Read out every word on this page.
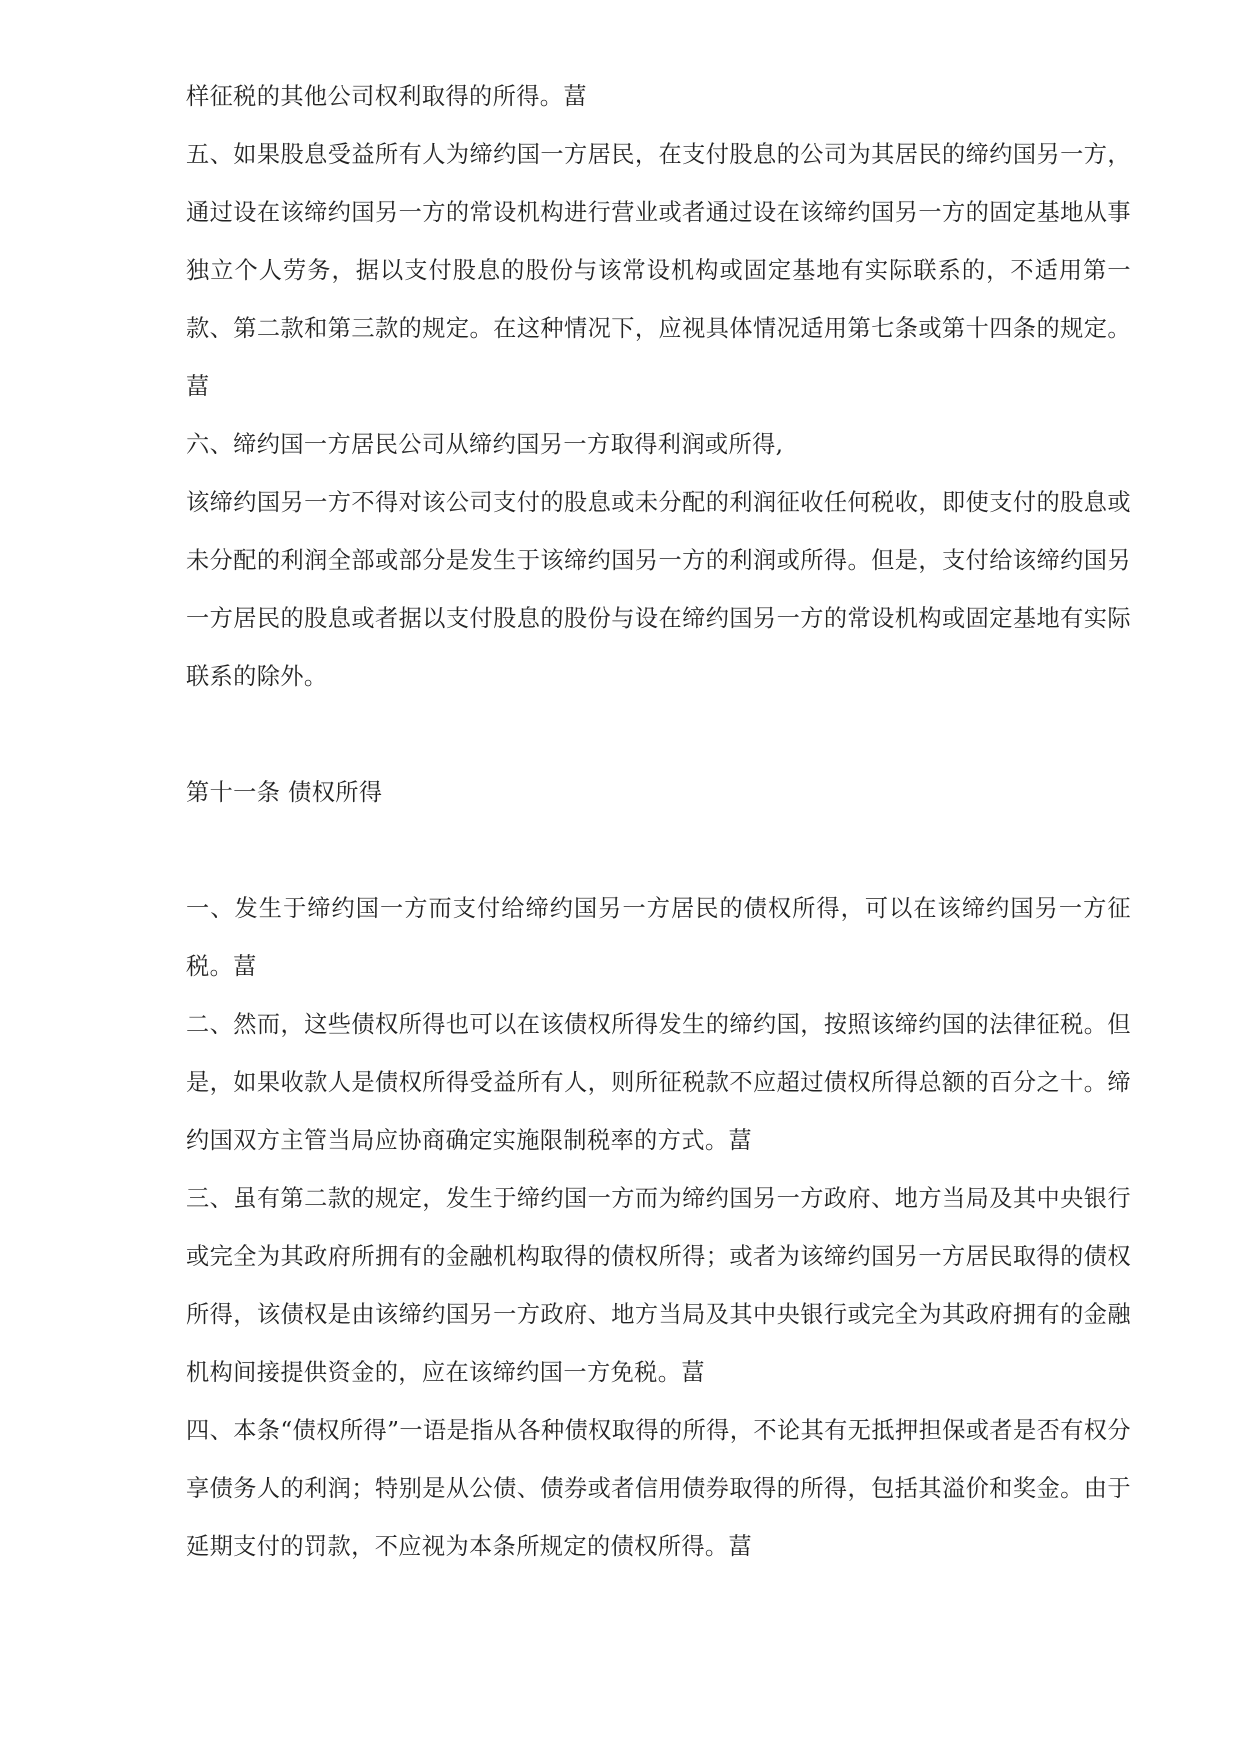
样征税的其他公司权利取得的所得。葍

五、如果股息受益所有人为缔约国一方居民，在支付股息的公司为其居民的缔约国另一方，通过设在该缔约国另一方的常设机构进行营业或者通过设在该缔约国另一方的固定基地从事独立个人劳务，据以支付股息的股份与该常设机构或固定基地有实际联系的，不适用第一款、第二款和第三款的规定。在这种情况下，应视具体情况适用第七条或第十四条的规定。葍

六、缔约国一方居民公司从缔约国另一方取得利润或所得,

该缔约国另一方不得对该公司支付的股息或未分配的利润征收任何税收，即使支付的股息或未分配的利润全部或部分是发生于该缔约国另一方的利润或所得。但是，支付给该缔约国另一方居民的股息或者据以支付股息的股份与设在缔约国另一方的常设机构或固定基地有实际联系的除外。

第十一条 债权所得

一、发生于缔约国一方而支付给缔约国另一方居民的债权所得，可以在该缔约国另一方征税。葍

二、然而，这些债权所得也可以在该债权所得发生的缔约国，按照该缔约国的法律征税。但是，如果收款人是债权所得受益所有人，则所征税款不应超过债权所得总额的百分之十。缔约国双方主管当局应协商确定实施限制税率的方式。葍

三、虽有第二款的规定，发生于缔约国一方而为缔约国另一方政府、地方当局及其中央银行或完全为其政府所拥有的金融机构取得的债权所得；或者为该缔约国另一方居民取得的债权所得，该债权是由该缔约国另一方政府、地方当局及其中央银行或完全为其政府拥有的金融机构间接提供资金的，应在该缔约国一方免税。葍

四、本条“债权所得”一语是指从各种债权取得的所得，不论其有无抵押担保或者是否有权分享债务人的利润；特别是从公债、债券或者信用债券取得的所得，包括其溢价和奖金。由于延期支付的罚款，不应视为本条所规定的债权所得。葍
